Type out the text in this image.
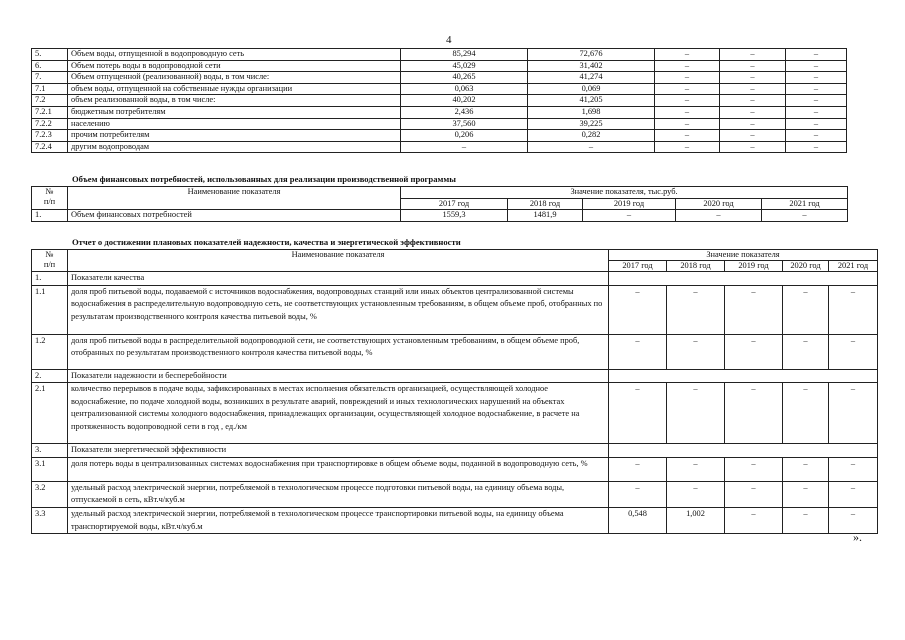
4
5.	Объем воды, отпущенной в водопроводную сеть	85,294	72,676	–	–	–
6.	Объем потерь воды в водопроводной сети	45,029	31,402	–	–	–
7.	Объем отпущенной (реализованной) воды, в том числе:	40,265	41,274	–	–	–
7.1	объем воды, отпущенной на собственные нужды организации	0,063	0,069	–	–	–
7.2	объем реализованной воды, в том числе:	40,202	41,205	–	–	–
7.2.1	бюджетным потребителям	2,436	1,698	–	–	–
7.2.2	населению	37,560	39,225	–	–	–
7.2.3	прочим потребителям	0,206	0,282	–	–	–
7.2.4	другим водопроводам	–	–	–	–	–
Объем финансовых потребностей, использованных для реализации производственной программы
№
п/п	Наименование показателя	Значение показателя, тыс.руб.				
		2017 год	2018 год	2019 год	2020 год	2021 год
1.	Объем финансовых потребностей	1559,3	1481,9	–	–	–
Отчет о достижении плановых показателей надежности, качества и энергетической эффективности
№
п/п	Наименование показателя	Значение показателя				
		2017 год	2018 год	2019 год	2020 год	2021 год
1.	Показатели качества					
1.1	доля проб питьевой воды, подаваемой с источников водоснабжения, водопроводных станций или иных объектов централизованной системы водоснабжения в распределительную водопроводную сеть, не соответствующих установленным требованиям, в общем объеме проб, отобранных по результатам производственного контроля качества питьевой воды, %	–	–	–	–	–
1.2	доля проб питьевой воды в распределительной водопроводной сети, не соответствующих установленным требованиям, в общем объеме проб, отобранных по результатам производственного контроля качества питьевой воды, %	–	–	–	–	–
2.	Показатели надежности и бесперебойности					
2.1	количество перерывов в подаче воды, зафиксированных в местах исполнения обязательств организацией, осуществляющей холодное водоснабжение, по подаче холодной воды, возникших в результате аварий, повреждений и иных технологических нарушений на объектах централизованной системы холодного водоснабжения, принадлежащих организации, осуществляющей холодное водоснабжение, в расчете на протяженность водопроводной сети в год , ед./км	–	–	–	–	–
3.	Показатели энергетической эффективности					
3.1	доля потерь воды в централизованных системах водоснабжения при транспортировке в общем объеме воды, поданной в водопроводную сеть, %	–	–	–	–	–
3.2	удельный расход электрической энергии, потребляемой в технологическом процессе подготовки питьевой воды, на единицу объема воды, отпускаемой в сеть, кВт.ч/куб.м	–	–	–	–	–
3.3	удельный расход электрической энергии, потребляемой в технологическом процессе транспортировки питьевой воды, на единицу объема транспортируемой воды, кВт.ч/куб.м	0,548	1,002	–	–	–
».
